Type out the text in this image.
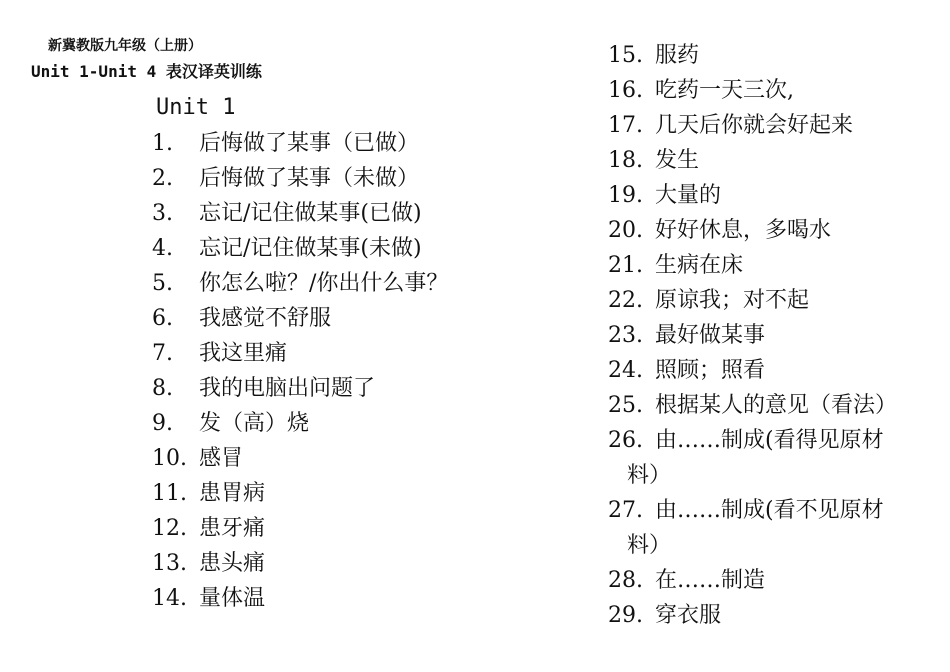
新冀教版九年级（上册）
Unit 1-Unit 4 表汉译英训练
Unit 1
1.	后悔做了某事（已做）
2.	后悔做了某事（未做）
3.	忘记/记住做某事(已做)
4.	忘记/记住做某事(未做)
5.	你怎么啦？/你出什么事？
6.	我感觉不舒服
7.	我这里痛
8.	我的电脑出问题了
9.	发（高）烧
10. 感冒
11. 患胃病
12. 患牙痛
13. 患头痛
14. 量体温
15. 服药
16. 吃药一天三次,
17. 几天后你就会好起来
18. 发生
19. 大量的
20. 好好休息，多喝水
21. 生病在床
22. 原谅我；对不起
23. 最好做某事
24. 照顾；照看
25. 根据某人的意见（看法）
26. 由……制成(看得见原材
料）
27. 由……制成(看不见原材
料）
28. 在……制造
29. 穿衣服
